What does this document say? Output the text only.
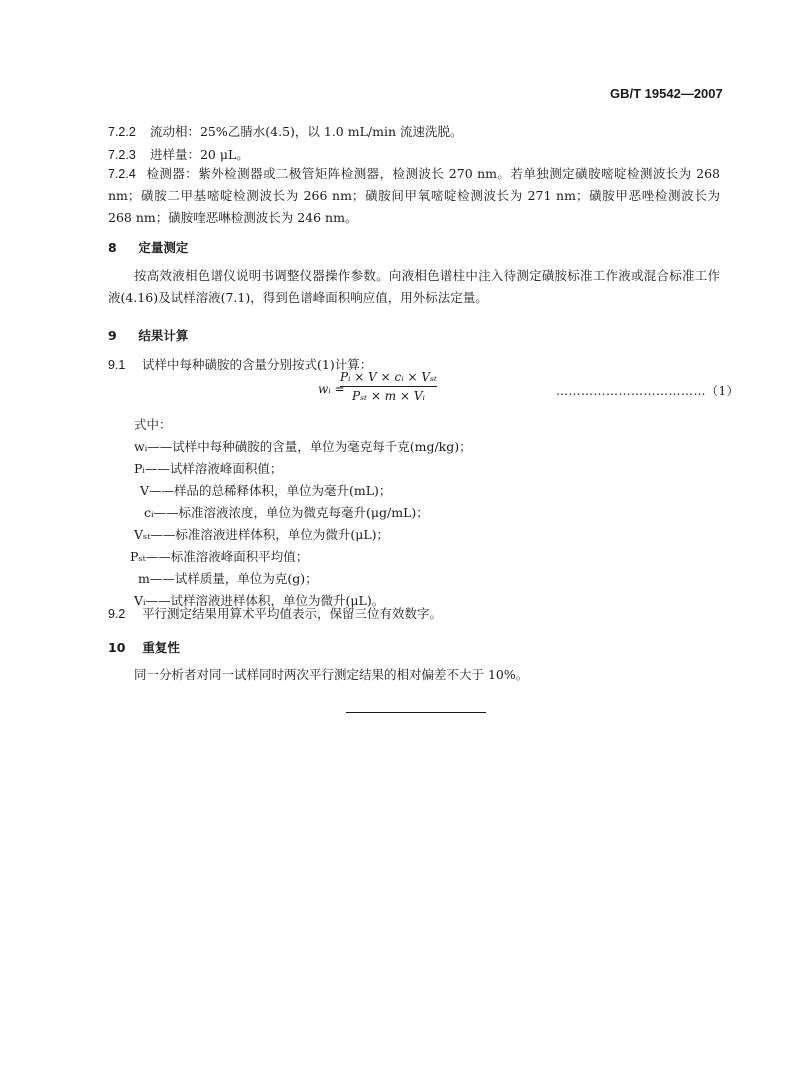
GB/T 19542—2007
7.2.2 流动相：25%乙腈水(4.5)，以 1.0 mL/min 流速洗脱。
7.2.3 进样量：20 μL。
7.2.4 检测器：紫外检测器或二极管矩阵检测器，检测波长 270 nm。若单独测定磺胺嘧啶检测波长为 268 nm；磺胺二甲基嘧啶检测波长为 266 nm；磺胺间甲氧嘧啶检测波长为 271 nm；磺胺甲恶唑检测波长为 268 nm；磺胺喹恶啉检测波长为 246 nm。
8 定量测定
按高效液相色谱仪说明书调整仪器操作参数。向液相色谱柱中注入待测定磺胺标准工作液或混合标准工作液(4.16)及试样溶液(7.1)，得到色谱峰面积响应值，用外标法定量。
9 结果计算
9.1 试样中每种磺胺的含量分别按式(1)计算：
wᵢ =
Pᵢ × V × cᵢ × Vₛₜ
Pₛₜ × m × Vᵢ	………………………………（1）
式中：
wᵢ——试样中每种磺胺的含量，单位为毫克每千克(mg/kg)；
Pᵢ——试样溶液峰面积值；
V——样品的总稀释体积，单位为毫升(mL)；
cᵢ——标准溶液浓度，单位为微克每毫升(μg/mL)；
Vₛₜ——标准溶液进样体积，单位为微升(μL)；
Pₛₜ——标准溶液峰面积平均值；
m——试样质量，单位为克(g)；
Vᵢ——试样溶液进样体积，单位为微升(μL)。
9.2 平行测定结果用算术平均值表示，保留三位有效数字。
10 重复性
同一分析者对同一试样同时两次平行测定结果的相对偏差不大于 10%。
